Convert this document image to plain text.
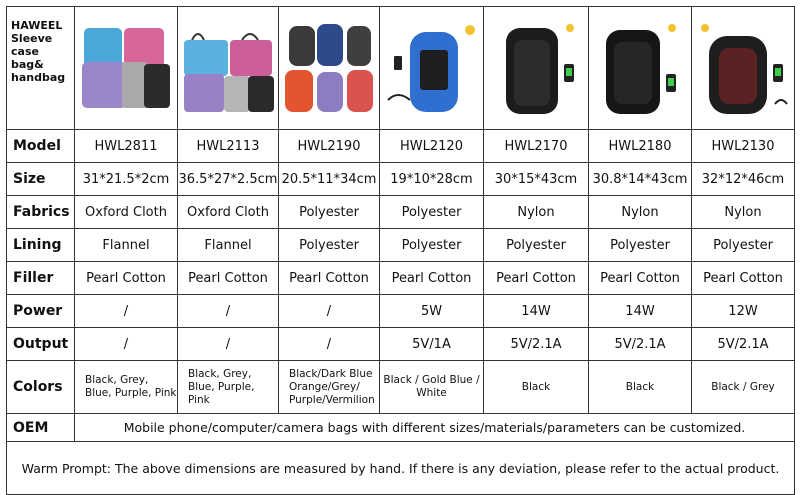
HAWEEL Sleeve case bag& handbag	

Model	HWL2811	HWL2113	HWL2190	HWL2120	HWL2170	HWL2180	HWL2130
Size	31*21.5*2cm	36.5*27*2.5cm	20.5*11*34cm	19*10*28cm	30*15*43cm	30.8*14*43cm	32*12*46cm
Fabrics	Oxford Cloth	Oxford Cloth	Polyester	Polyester	Nylon	Nylon	Nylon
Lining	Flannel	Flannel	Polyester	Polyester	Polyester	Polyester	Polyester
Filler	Pearl Cotton	Pearl Cotton	Pearl Cotton	Pearl Cotton	Pearl Cotton	Pearl Cotton	Pearl Cotton
Power	/	/	/	5W	14W	14W	12W
Output	/	/	/	5V/1A	5V/2.1A	5V/2.1A	5V/2.1A
Colors	Black, Grey, Blue, Purple, Pink	Black, Grey, Blue, Purple, Pink	Black/Dark Blue Orange/Grey/ Purple/Vermilion	Black / Gold Blue / White	Black	Black	Black / Grey
OEM	Mobile phone/computer/camera bags with different sizes/materials/parameters can be customized.						
Warm Prompt: The above dimensions are measured by hand. If there is any deviation, please refer to the actual product.							
